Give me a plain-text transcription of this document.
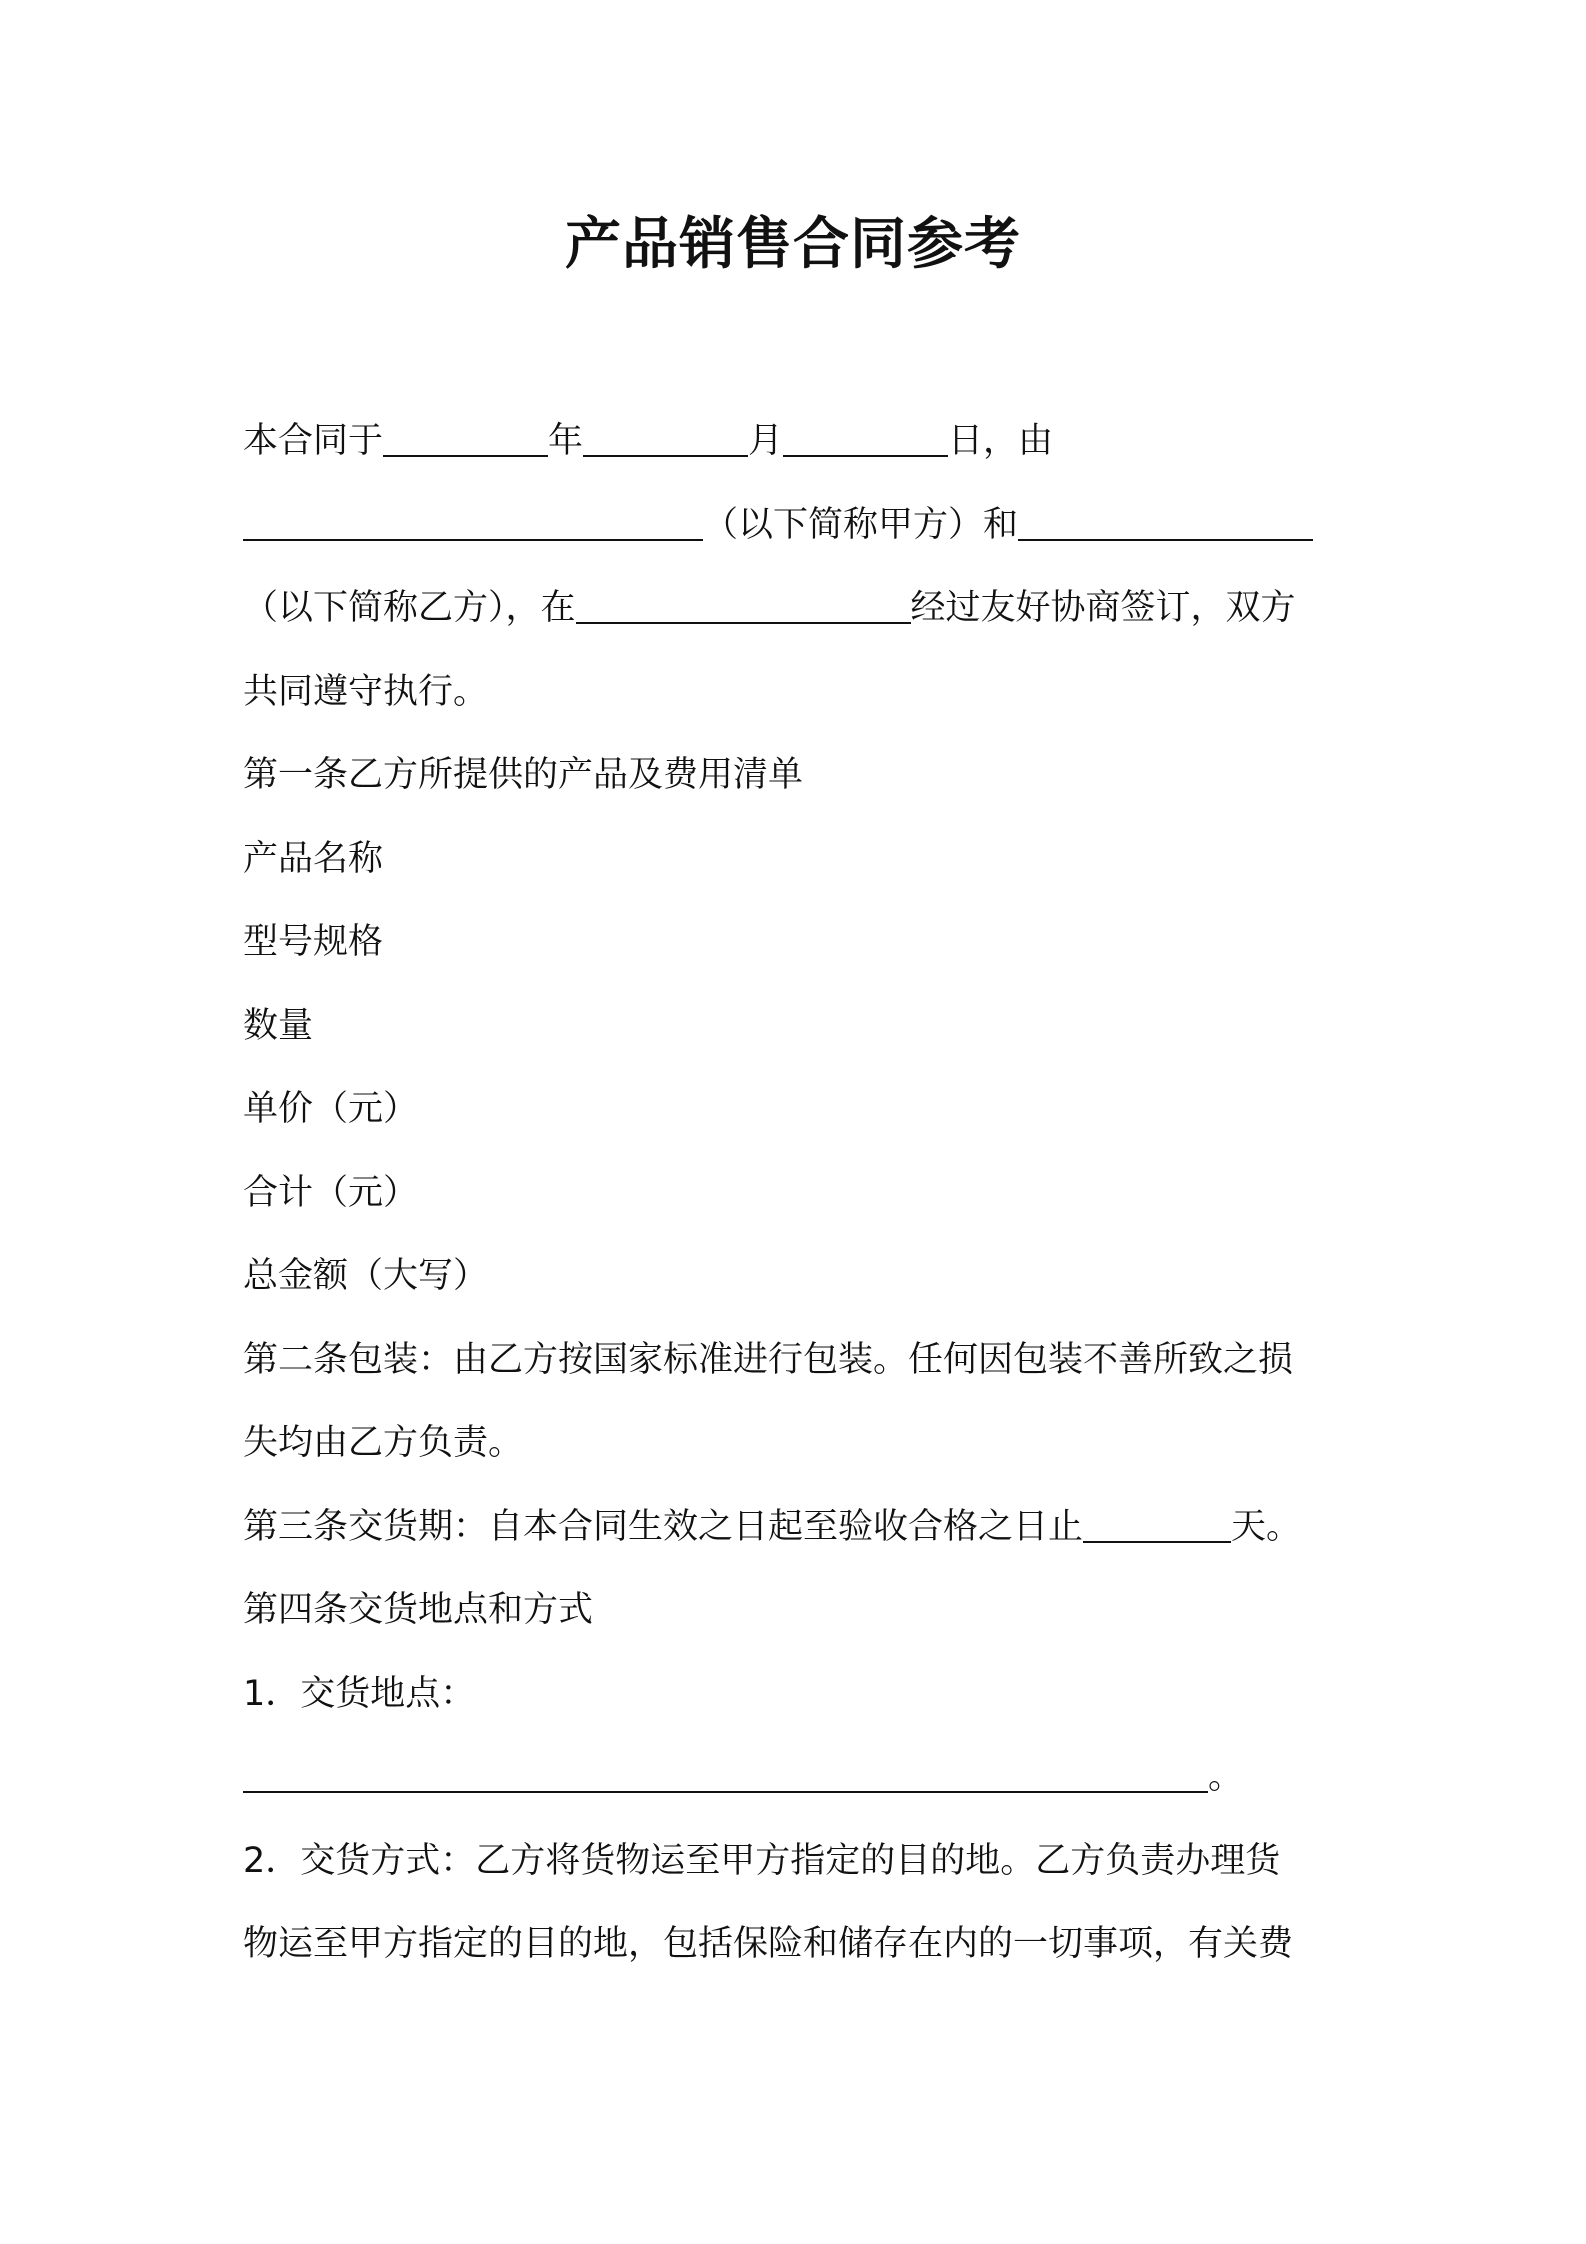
产品销售合同参考
本合同于	年	月	日，由
（以下简称甲方）和
（以下简称乙方），在	经过友好协商签订，双方
共同遵守执行。
第一条乙方所提供的产品及费用清单
产品名称
型号规格
数量
单价（元）
合计（元）
总金额（大写）
第二条包装：由乙方按国家标准进行包装。任何因包装不善所致之损
失均由乙方负责。
第三条交货期：自本合同生效之日起至验收合格之日止	天。
第四条交货地点和方式
1．交货地点：
。
2．交货方式：乙方将货物运至甲方指定的目的地。乙方负责办理货
物运至甲方指定的目的地，包括保险和储存在内的一切事项，有关费
